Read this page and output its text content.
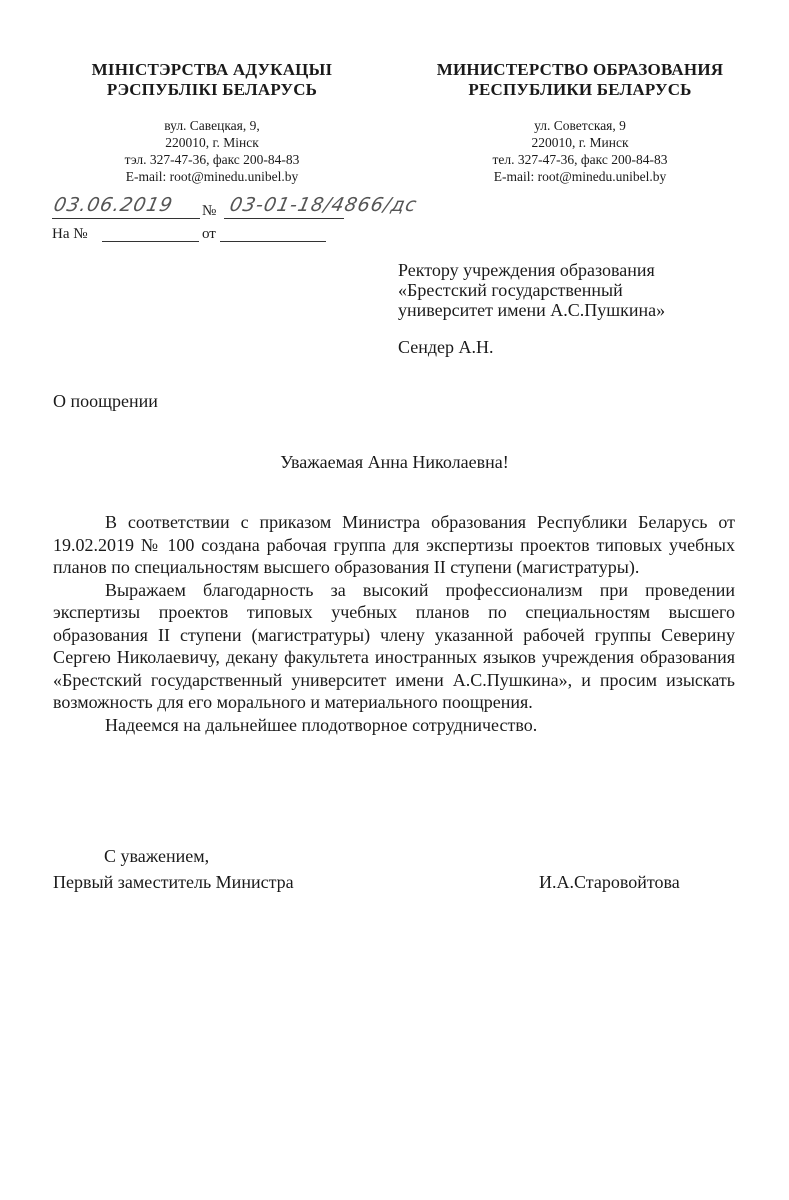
МІНІСТЭРСТВА АДУКАЦЫІ
РЭСПУБЛІКІ БЕЛАРУСЬ
МИНИСТЕРСТВО ОБРАЗОВАНИЯ
РЕСПУБЛИКИ БЕЛАРУСЬ
вул. Савецкая, 9,
220010, г. Мінск
тэл. 327-47-36, факс 200-84-83
E-mail: root@minedu.unibel.by
ул. Советская, 9
220010, г. Минск
тел. 327-47-36, факс 200-84-83
E-mail: root@minedu.unibel.by
03.06.2019 № 03-01-18/4866/дс
На №	от
Ректору учреждения образования
«Брестский государственный
университет имени А.С.Пушкина»
Сендер А.Н.
О поощрении
Уважаемая Анна Николаевна!

В соответствии с приказом Министра образования Республики Беларусь от 19.02.2019 № 100 создана рабочая группа для экспертизы проектов типовых учебных планов по специальностям высшего образования II ступени (магистратуры).

Выражаем благодарность за высокий профессионализм при проведении экспертизы проектов типовых учебных планов по специальностям высшего образования II ступени (магистратуры) члену указанной рабочей группы Северину Сергею Николаевичу, декану факультета иностранных языков учреждения образования «Брестский государственный университет имени А.С.Пушкина», и просим изыскать возможность для его морального и материального поощрения.

Надеемся на дальнейшее плодотворное сотрудничество.

С уважением,
Первый заместитель Министра	И.А.Старовойтова
